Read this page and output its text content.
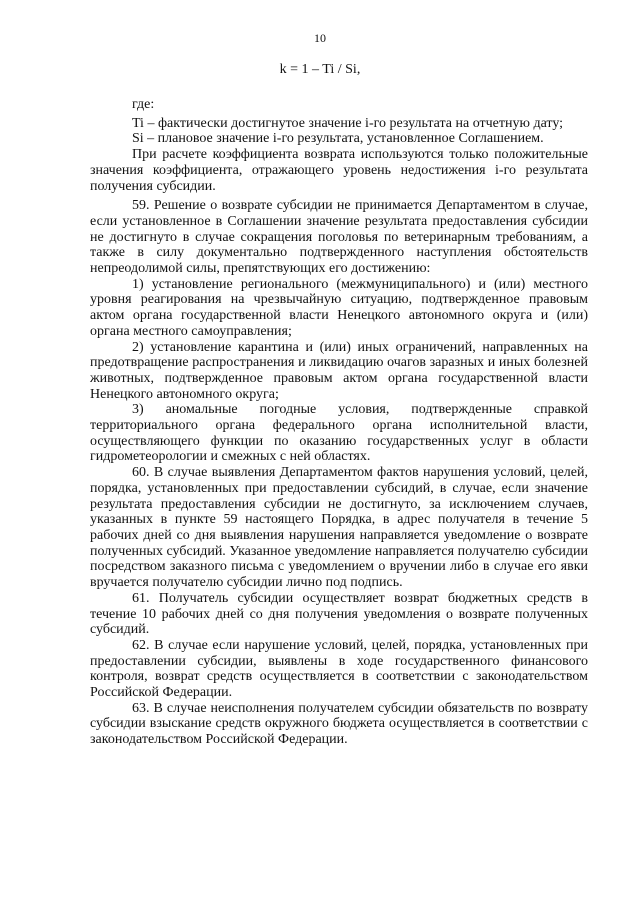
10
k = 1 – Ti / Si,

где:

Ti – фактически достигнутое значение i-го результата на отчетную дату;

Si – плановое значение i-го результата, установленное Соглашением.

При расчете коэффициента возврата используются только положительные значения коэффициента, отражающего уровень недостижения i-го результата получения субсидии.

59. Решение о возврате субсидии не принимается Департаментом в случае, если установленное в Соглашении значение результата предоставления субсидии не достигнуто в случае сокращения поголовья по ветеринарным требованиям, а также в силу документально подтвержденного наступления обстоятельств непреодолимой силы, препятствующих его достижению:

1) установление регионального (межмуниципального) и (или) местного уровня реагирования на чрезвычайную ситуацию, подтвержденное правовым актом органа государственной власти Ненецкого автономного округа и (или) органа местного самоуправления;

2) установление карантина и (или) иных ограничений, направленных на предотвращение распространения и ликвидацию очагов заразных и иных болезней животных, подтвержденное правовым актом органа государственной власти Ненецкого автономного округа;

3) аномальные погодные условия, подтвержденные справкой территориального органа федерального органа исполнительной власти, осуществляющего функции по оказанию государственных услуг в области гидрометеорологии и смежных с ней областях.

60. В случае выявления Департаментом фактов нарушения условий, целей, порядка, установленных при предоставлении субсидий, в случае, если значение результата предоставления субсидии не достигнуто, за исключением случаев, указанных в пункте 59 настоящего Порядка, в адрес получателя в течение 5 рабочих дней со дня выявления нарушения направляется уведомление о возврате полученных субсидий. Указанное уведомление направляется получателю субсидии посредством заказного письма с уведомлением о вручении либо в случае его явки вручается получателю субсидии лично под подпись.

61. Получатель субсидии осуществляет возврат бюджетных средств в течение 10 рабочих дней со дня получения уведомления о возврате полученных субсидий.

62. В случае если нарушение условий, целей, порядка, установленных при предоставлении субсидии, выявлены в ходе государственного финансового контроля, возврат средств осуществляется в соответствии с законодательством Российской Федерации.

63. В случае неисполнения получателем субсидии обязательств по возврату субсидии взыскание средств окружного бюджета осуществляется в соответствии с законодательством Российской Федерации.
